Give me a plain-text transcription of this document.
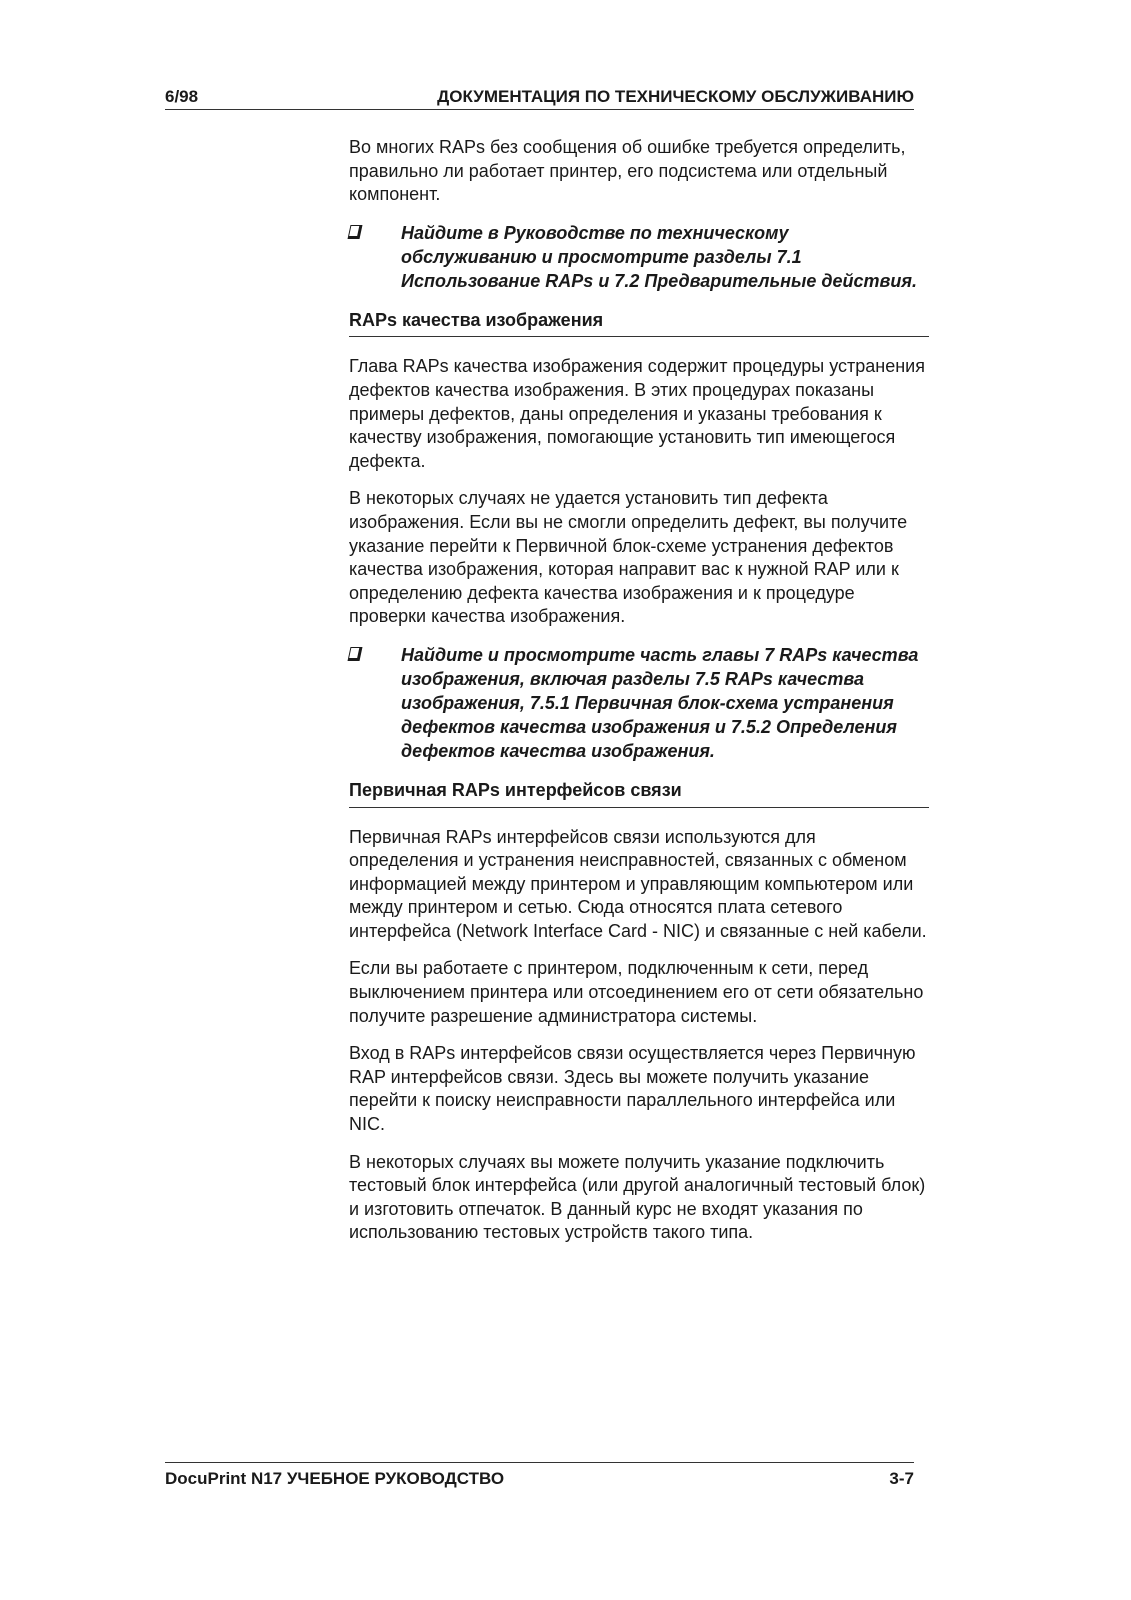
6/98	ДОКУМЕНТАЦИЯ ПО ТЕХНИЧЕСКОМУ ОБСЛУЖИВАНИЮ

Во многих RAPs без сообщения об ошибке требуется определить, правильно ли работает принтер, его подсистема или отдельный компонент.

Найдите в Руководстве по техническому обслуживанию и просмотрите разделы 7.1 Использование RAPs и 7.2 Предварительные действия.
RAPs качества изображения

Глава RAPs качества изображения содержит процедуры устранения дефектов качества изображения. В этих процедурах показаны примеры дефектов, даны определения и указаны требования к качеству изображения, помогающие установить тип имеющегося дефекта.

В некоторых случаях не удается установить тип дефекта изображения. Если вы не смогли определить дефект, вы получите указание перейти к Первичной блок-схеме устранения дефектов качества изображения, которая направит вас к нужной RAP или к определению дефекта качества изображения и к процедуре проверки качества изображения.

Найдите и просмотрите часть главы 7 RAPs качества изображения, включая разделы 7.5 RAPs качества изображения, 7.5.1 Первичная блок-схема устранения дефектов качества изображения и 7.5.2 Определения дефектов качества изображения.
Первичная RAPs интерфейсов связи

Первичная RAPs интерфейсов связи используются для определения и устранения неисправностей, связанных с обменом информацией между принтером и управляющим компьютером или между принтером и сетью. Сюда относятся плата сетевого интерфейса (Network Interface Card - NIC) и связанные с ней кабели.

Если вы работаете с принтером, подключенным к сети, перед выключением принтера или отсоединением его от сети обязательно получите разрешение администратора системы.

Вход в RAPs интерфейсов связи осуществляется через Первичную RAP интерфейсов связи. Здесь вы можете получить указание перейти к поиску неисправности параллельного интерфейса или NIC.

В некоторых случаях вы можете получить указание подключить тестовый блок интерфейса (или другой аналогичный тестовый блок) и изготовить отпечаток. В данный курс не входят указания по использованию тестовых устройств такого типа.

DocuPrint N17 УЧЕБНОЕ РУКОВОДСТВО	3-7
